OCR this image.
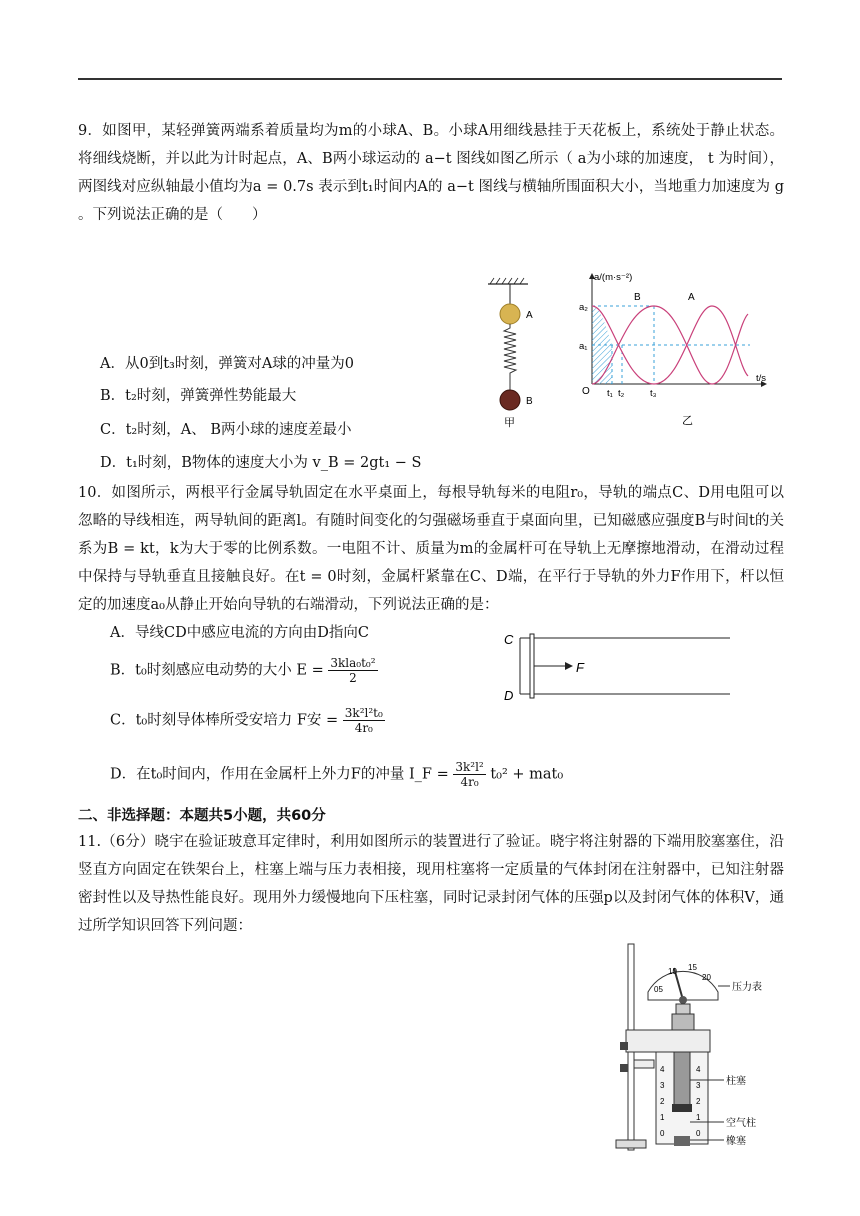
9．如图甲，某轻弹簧两端系着质量均为m的小球A、B。小球A用细线悬挂于天花板上，系统处于静止状态。将细线烧断，并以此为计时起点，A、B两小球运动的 a−t 图线如图乙所示（ a为小球的加速度， t 为时间），两图线对应纵轴最小值均为a = 0.7s 表示到t₁时间内A的 a−t 图线与横轴所围面积大小，当地重力加速度为 g 。下列说法正确的是（　　）
A
B
甲
a/(m·s⁻²)
t/s
O
a₂
a₁
t₁ t₂	t₃
B	A
乙
A．从0到t₃时刻，弹簧对A球的冲量为0
B．t₂时刻，弹簧弹性势能最大
C．t₂时刻，A、 B两小球的速度差最小
D．t₁时刻，B物体的速度大小为 v_B = 2gt₁ − S
10．如图所示，两根平行金属导轨固定在水平桌面上，每根导轨每米的电阻r₀，导轨的端点C、D用电阻可以忽略的导线相连，两导轨间的距离l。有随时间变化的匀强磁场垂直于桌面向里，已知磁感应强度B与时间t的关系为B = kt，k为大于零的比例系数。一电阻不计、质量为m的金属杆可在导轨上无摩擦地滑动，在滑动过程中保持与导轨垂直且接触良好。在t = 0时刻，金属杆紧靠在C、D端，在平行于导轨的外力F作用下，杆以恒定的加速度a₀从静止开始向导轨的右端滑动，下列说法正确的是：
A．导线CD中感应电流的方向由D指向C
B．t₀时刻感应电动势的大小 $E = \frac{\text{3kla₀t₀²}}{2}$
C．t₀时刻导体棒所受安培力 F安 = $\frac{\text{3k²l²t₀}}{\text{4r₀}}$
D．在t₀时间内，作用在金属杆上外力F的冲量 I_F = $\frac{\text{3k²l²}}{\text{4r₀}} t_0^2 + mat_0$
C
D
F
二、非选择题：本题共5小题，共60分
11.（6分）晓宇在验证玻意耳定律时，利用如图所示的装置进行了验证。晓宇将注射器的下端用胶塞塞住，沿竖直方向固定在铁架台上，柱塞上端与压力表相接，现用柱塞将一定质量的气体封闭在注射器中，已知注射器密封性以及导热性能良好。现用外力缓慢地向下压柱塞，同时记录封闭气体的压强p以及封闭气体的体积V，通过所学知识回答下列问题：
05
10 15
20
4
3
2
1
0
4
3
2
1
0
压力表
柱塞
空气柱
橡塞
